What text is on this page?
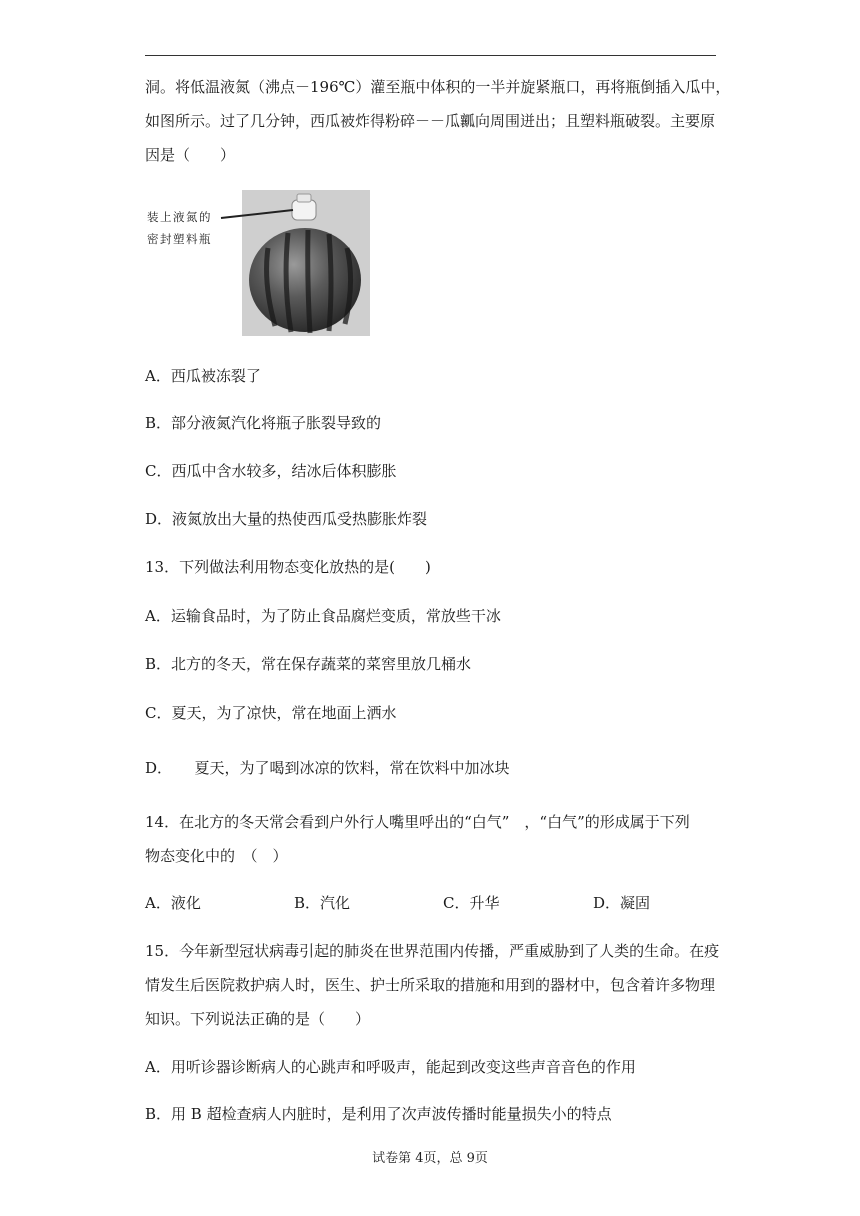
洞。将低温液氮（沸点－196℃）灌至瓶中体积的一半并旋紧瓶口，再将瓶倒插入瓜中，
如图所示。过了几分钟，西瓜被炸得粉碎－－瓜瓤向周围迸出；且塑料瓶破裂。主要原
因是（　　）
装上液氮的
密封塑料瓶
A．西瓜被冻裂了
B．部分液氮汽化将瓶子胀裂导致的
C．西瓜中含水较多，结冰后体积膨胀
D．液氮放出大量的热使西瓜受热膨胀炸裂
13．下列做法利用物态变化放热的是(　　)
A．运输食品时，为了防止食品腐烂变质，常放些干冰
B．北方的冬天，常在保存蔬菜的菜窖里放几桶水
C．夏天，为了凉快，常在地面上洒水
D．　　夏天，为了喝到冰凉的饮料，常在饮料中加冰块
14．在北方的冬天常会看到户外行人嘴里呼出的“白气”　，“白气”的形成属于下列
物态变化中的　（　）
A．液化	B．汽化	C．升华	D．凝固
15．今年新型冠状病毒引起的肺炎在世界范围内传播，严重威胁到了人类的生命。在疫
情发生后医院救护病人时，医生、护士所采取的措施和用到的器材中，包含着许多物理
知识。下列说法正确的是（　　）
A．用听诊器诊断病人的心跳声和呼吸声，能起到改变这些声音音色的作用
B．用 B 超检查病人内脏时，是利用了次声波传播时能量损失小的特点
试卷第 4页，总 9页
